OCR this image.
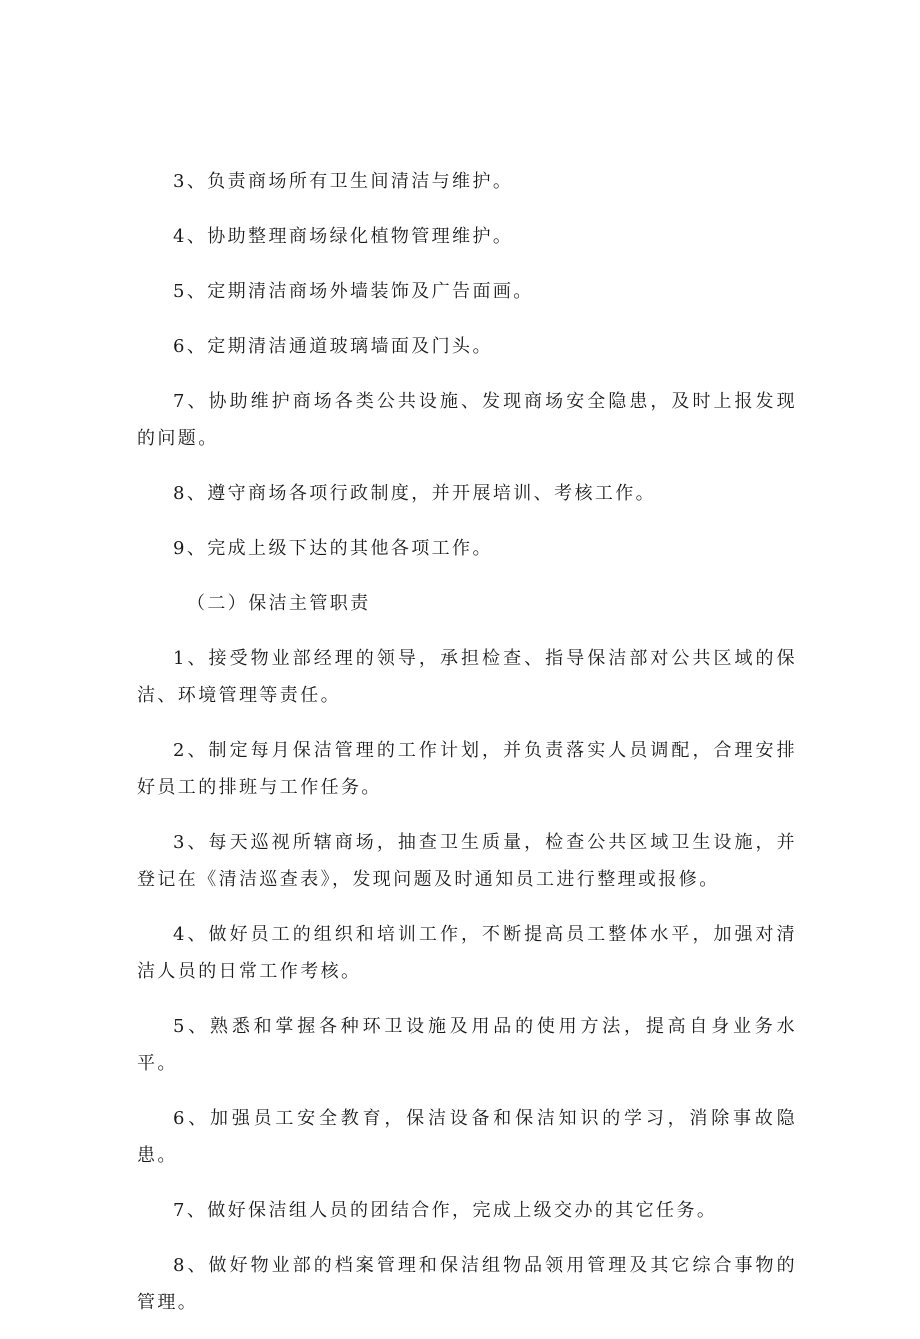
3、负责商场所有卫生间清洁与维护。

4、协助整理商场绿化植物管理维护。

5、定期清洁商场外墙装饰及广告面画。

6、定期清洁通道玻璃墙面及门头。

7、协助维护商场各类公共设施、发现商场安全隐患，及时上报发现的问题。

8、遵守商场各项行政制度，并开展培训、考核工作。

9、完成上级下达的其他各项工作。

（二）保洁主管职责

1、接受物业部经理的领导，承担检查、指导保洁部对公共区域的保洁、环境管理等责任。

2、制定每月保洁管理的工作计划，并负责落实人员调配，合理安排好员工的排班与工作任务。

3、每天巡视所辖商场，抽查卫生质量，检查公共区域卫生设施，并登记在《清洁巡查表》，发现问题及时通知员工进行整理或报修。

4、做好员工的组织和培训工作，不断提高员工整体水平，加强对清洁人员的日常工作考核。

5、熟悉和掌握各种环卫设施及用品的使用方法，提高自身业务水平。

6、加强员工安全教育，保洁设备和保洁知识的学习，消除事故隐患。

7、做好保洁组人员的团结合作，完成上级交办的其它任务。

8、做好物业部的档案管理和保洁组物品领用管理及其它综合事物的管理。
